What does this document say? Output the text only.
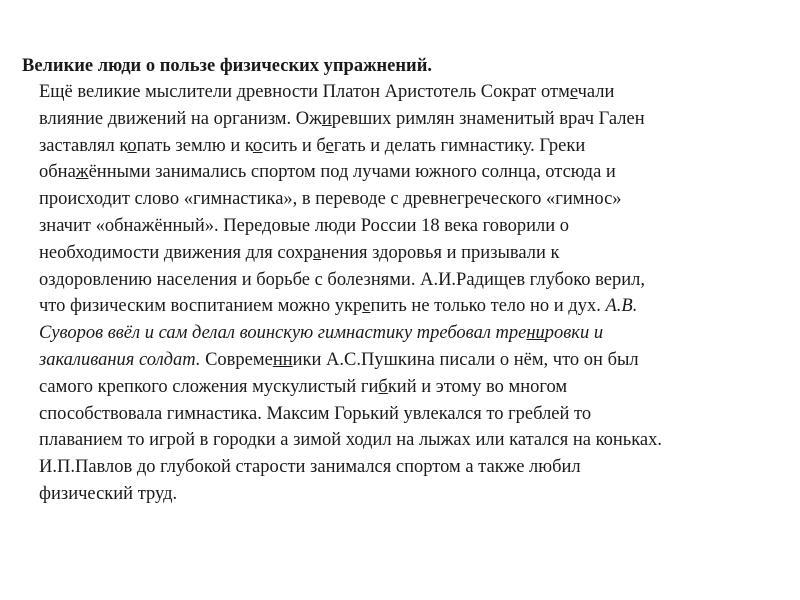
Великие люди о пользе физических упражнений.
Ещё великие мыслители древности Платон Аристотель Сократ отмечали
влияние движений на организм. Ожиревших римлян знаменитый врач Гален
заставлял копать землю и косить и бегать и делать гимнастику. Греки
обнажёнными занимались спортом под лучами южного солнца, отсюда и
происходит слово «гимнастика», в переводе с древнегреческого «гимнос»
значит «обнажённый». Передовые люди России 18 века говорили о
необходимости движения для сохранения здоровья и призывали к
оздоровлению населения и борьбе с болезнями. А.И.Радищев глубоко верил,
что физическим воспитанием можно укрепить не только тело но и дух. А.В.
Суворов ввёл и сам делал воинскую гимнастику требовал тренировки и
закаливания солдат. Современники А.С.Пушкина писали о нём, что он был
самого крепкого сложения мускулистый гибкий и этому во многом
способствовала гимнастика. Максим Горький увлекался то греблей то
плаванием то игрой в городки а зимой ходил на лыжах или катался на коньках.
И.П.Павлов до глубокой старости занимался спортом а также любил
физический труд.
